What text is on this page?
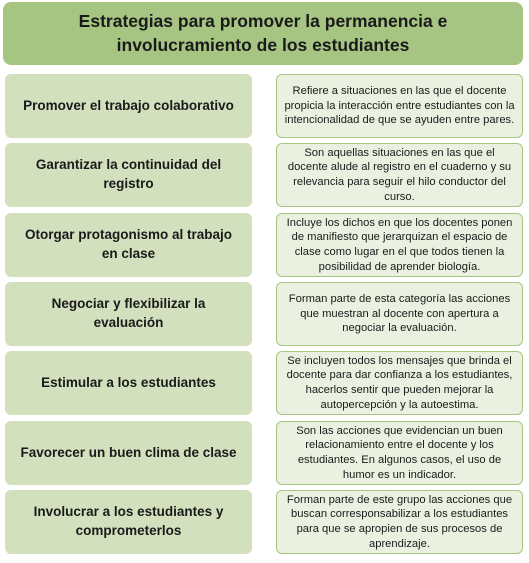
Estrategias para promover la permanencia e involucramiento de los estudiantes
Promover el trabajo colaborativo
Refiere a situaciones en las que el docente propicia la interacción entre estudiantes con la intencionalidad de que se ayuden entre pares.
Garantizar la continuidad del registro
Son aquellas situaciones en las que el docente alude al registro en el cuaderno y su relevancia para seguir el hilo conductor del curso.
Otorgar protagonismo al trabajo en clase
Incluye los dichos en que los docentes ponen de manifiesto que jerarquizan el espacio de clase como lugar en el que todos tienen la posibilidad de aprender biología.
Negociar y flexibilizar la evaluación
Forman parte de esta categoría las acciones que muestran al docente con apertura a negociar la evaluación.
Estimular a los estudiantes
Se incluyen todos los mensajes que brinda el docente para dar confianza a los estudiantes, hacerlos sentir que pueden mejorar la autopercepción y la autoestima.
Favorecer un buen clima de clase
Son las acciones que evidencian un buen relacionamiento entre el docente y los estudiantes. En algunos casos, el uso de humor es un indicador.
Involucrar a los estudiantes y comprometerlos
Forman parte de este grupo las acciones que buscan corresponsabilizar a los estudiantes para que se apropien de sus procesos de aprendizaje.
